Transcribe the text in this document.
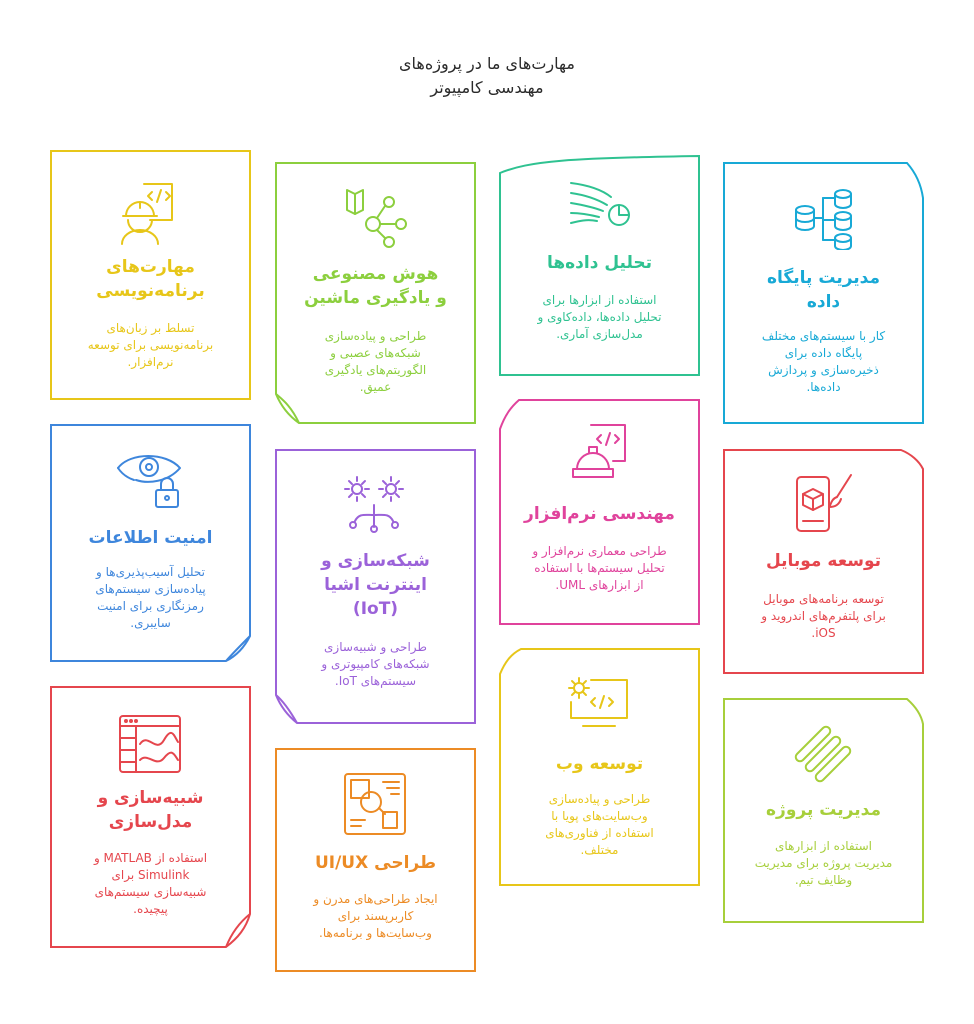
مهارت‌های ما در پروژه‌های
مهندسی کامپیوتر
مهارت‌های
برنامه‌نویسی
تسلط بر زبان‌های
برنامه‌نویسی برای توسعه
نرم‌افزار.
هوش مصنوعی
و یادگیری ماشین
طراحی و پیاده‌سازی
شبکه‌های عصبی و
الگوریتم‌های یادگیری
عمیق.
تحلیل داده‌ها
استفاده از ابزارها برای
تحلیل داده‌ها، داده‌کاوی و
مدل‌سازی آماری.
مدیریت پایگاه
داده
کار با سیستم‌های مختلف
پایگاه داده برای
ذخیره‌سازی و پردازش
داده‌ها.
امنیت اطلاعات
تحلیل آسیب‌پذیری‌ها و
پیاده‌سازی سیستم‌های
رمزنگاری برای امنیت
سایبری.
شبکه‌سازی و
اینترنت اشیا
(IoT)
طراحی و شبیه‌سازی
شبکه‌های کامپیوتری و
سیستم‌های IoT.
مهندسی نرم‌افزار
طراحی معماری نرم‌افزار و
تحلیل سیستم‌ها با استفاده
از ابزارهای UML.
توسعه موبایل
توسعه برنامه‌های موبایل
برای پلتفرم‌های اندروید و
iOS.
شبیه‌سازی و
مدل‌سازی
استفاده از MATLAB و
Simulink برای
شبیه‌سازی سیستم‌های
پیچیده.
طراحی UI/UX
ایجاد طراحی‌های مدرن و
کاربرپسند برای
وب‌سایت‌ها و برنامه‌ها.
توسعه وب
طراحی و پیاده‌سازی
وب‌سایت‌های پویا با
استفاده از فناوری‌های
مختلف.
مدیریت پروژه
استفاده از ابزارهای
مدیریت پروژه برای مدیریت
وظایف تیم.
